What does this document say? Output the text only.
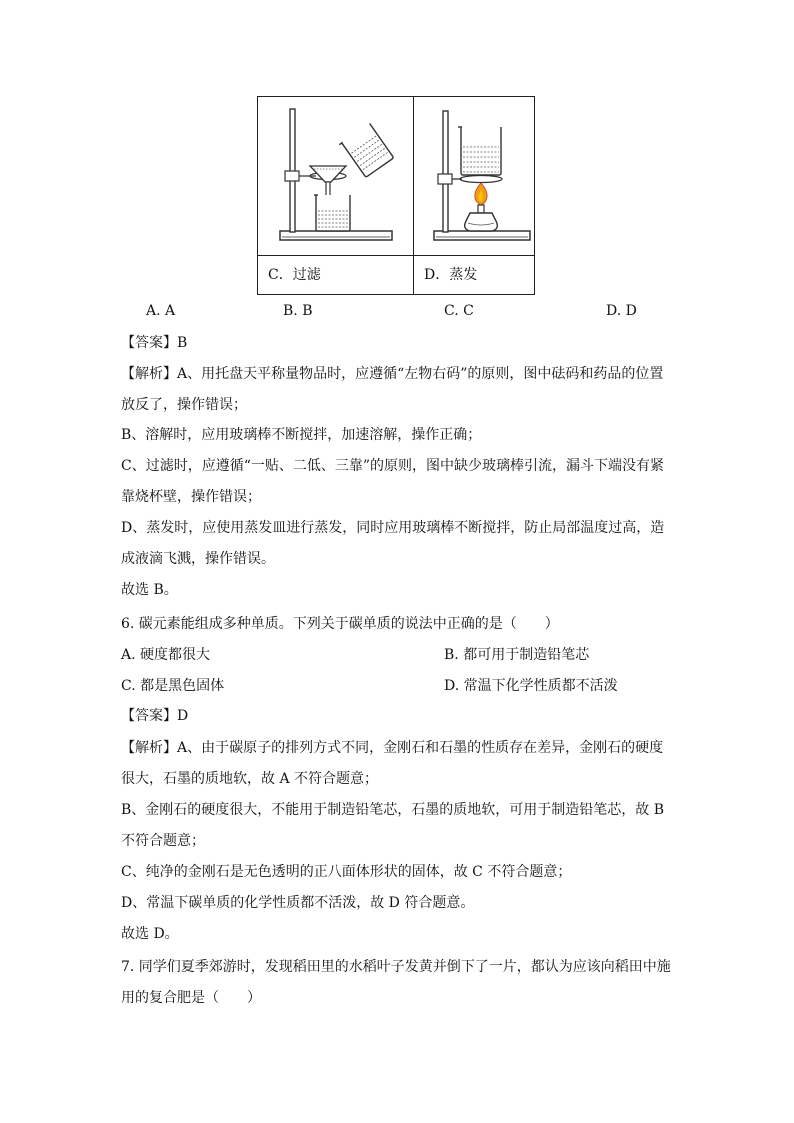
C．过滤	D．蒸发
A. A	B. B	C. C	D. D
【答案】B
【解析】A、用托盘天平称量物品时，应遵循“左物右码”的原则，图中砝码和药品的位置
放反了，操作错误；
B、溶解时，应用玻璃棒不断搅拌，加速溶解，操作正确；
C、过滤时，应遵循“一贴、二低、三靠”的原则，图中缺少玻璃棒引流，漏斗下端没有紧
靠烧杯壁，操作错误；
D、蒸发时，应使用蒸发皿进行蒸发，同时应用玻璃棒不断搅拌，防止局部温度过高，造
成液滴飞溅，操作错误。
故选 B。
6. 碳元素能组成多种单质。下列关于碳单质的说法中正确的是（　　）
A. 硬度都很大	B. 都可用于制造铅笔芯
C. 都是黑色固体	D. 常温下化学性质都不活泼
【答案】D
【解析】A、由于碳原子的排列方式不同，金刚石和石墨的性质存在差异，金刚石的硬度
很大，石墨的质地软，故 A 不符合题意；
B、金刚石的硬度很大，不能用于制造铅笔芯，石墨的质地软，可用于制造铅笔芯，故 B
不符合题意；
C、纯净的金刚石是无色透明的正八面体形状的固体，故 C 不符合题意；
D、常温下碳单质的化学性质都不活泼，故 D 符合题意。
故选 D。
7. 同学们夏季郊游时，发现稻田里的水稻叶子发黄并倒下了一片，都认为应该向稻田中施
用的复合肥是（　　）
